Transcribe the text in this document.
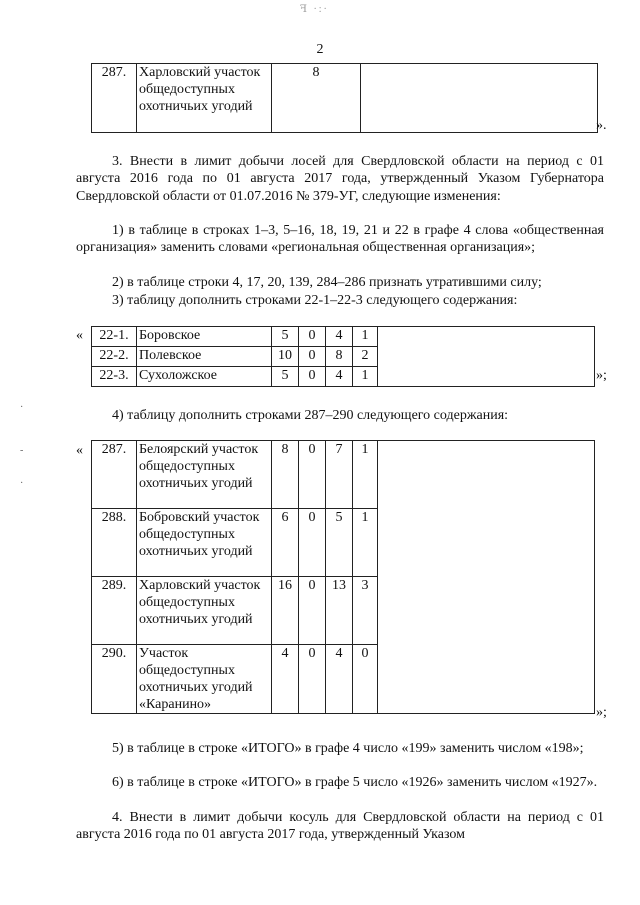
ꟻ ·:·
2
287.	Харловский участок общедоступных охотничьих угодий	8	
».

3. Внести в лимит добычи лосей для Свердловской области на период с 01 августа 2016 года по 01 августа 2017 года, утвержденный Указом Губернатора Свердловской области от 01.07.2016 № 379-УГ, следующие изменения:

1) в таблице в строках 1–3, 5–16, 18, 19, 21 и 22 в графе 4 слова «общественная организация» заменить словами «региональная общественная организация»;

2) в таблице строки 4, 17, 20, 139, 284–286 признать утратившими силу;

3) таблицу дополнить строками 22-1–22-3 следующего содержания:

« 22-1.	Боровское	5	0	4	1	
22-2.	Полевское	10	0	8	2	
22-3.	Сухоложское	5	0	4	1		»;

4) таблицу дополнить строками 287–290 следующего содержания:

« 287.	Белоярский участок общедоступных охотничьих угодий	8	0	7	1	
288.	Бобровский участок общедоступных охотничьих угодий	6	0	5	1	
289.	Харловский участок общедоступных охотничьих угодий	16	0	13	3	
290.	Участок общедоступных охотничьих угодий «Каранино»	4	0	4	0	
»;

5) в таблице в строке «ИТОГО» в графе 4 число «199» заменить числом «198»;

6) в таблице в строке «ИТОГО» в графе 5 число «1926» заменить числом «1927».

4. Внести в лимит добычи косуль для Свердловской области на период с 01 августа 2016 года по 01 августа 2017 года, утвержденный Указом

·
-
·
